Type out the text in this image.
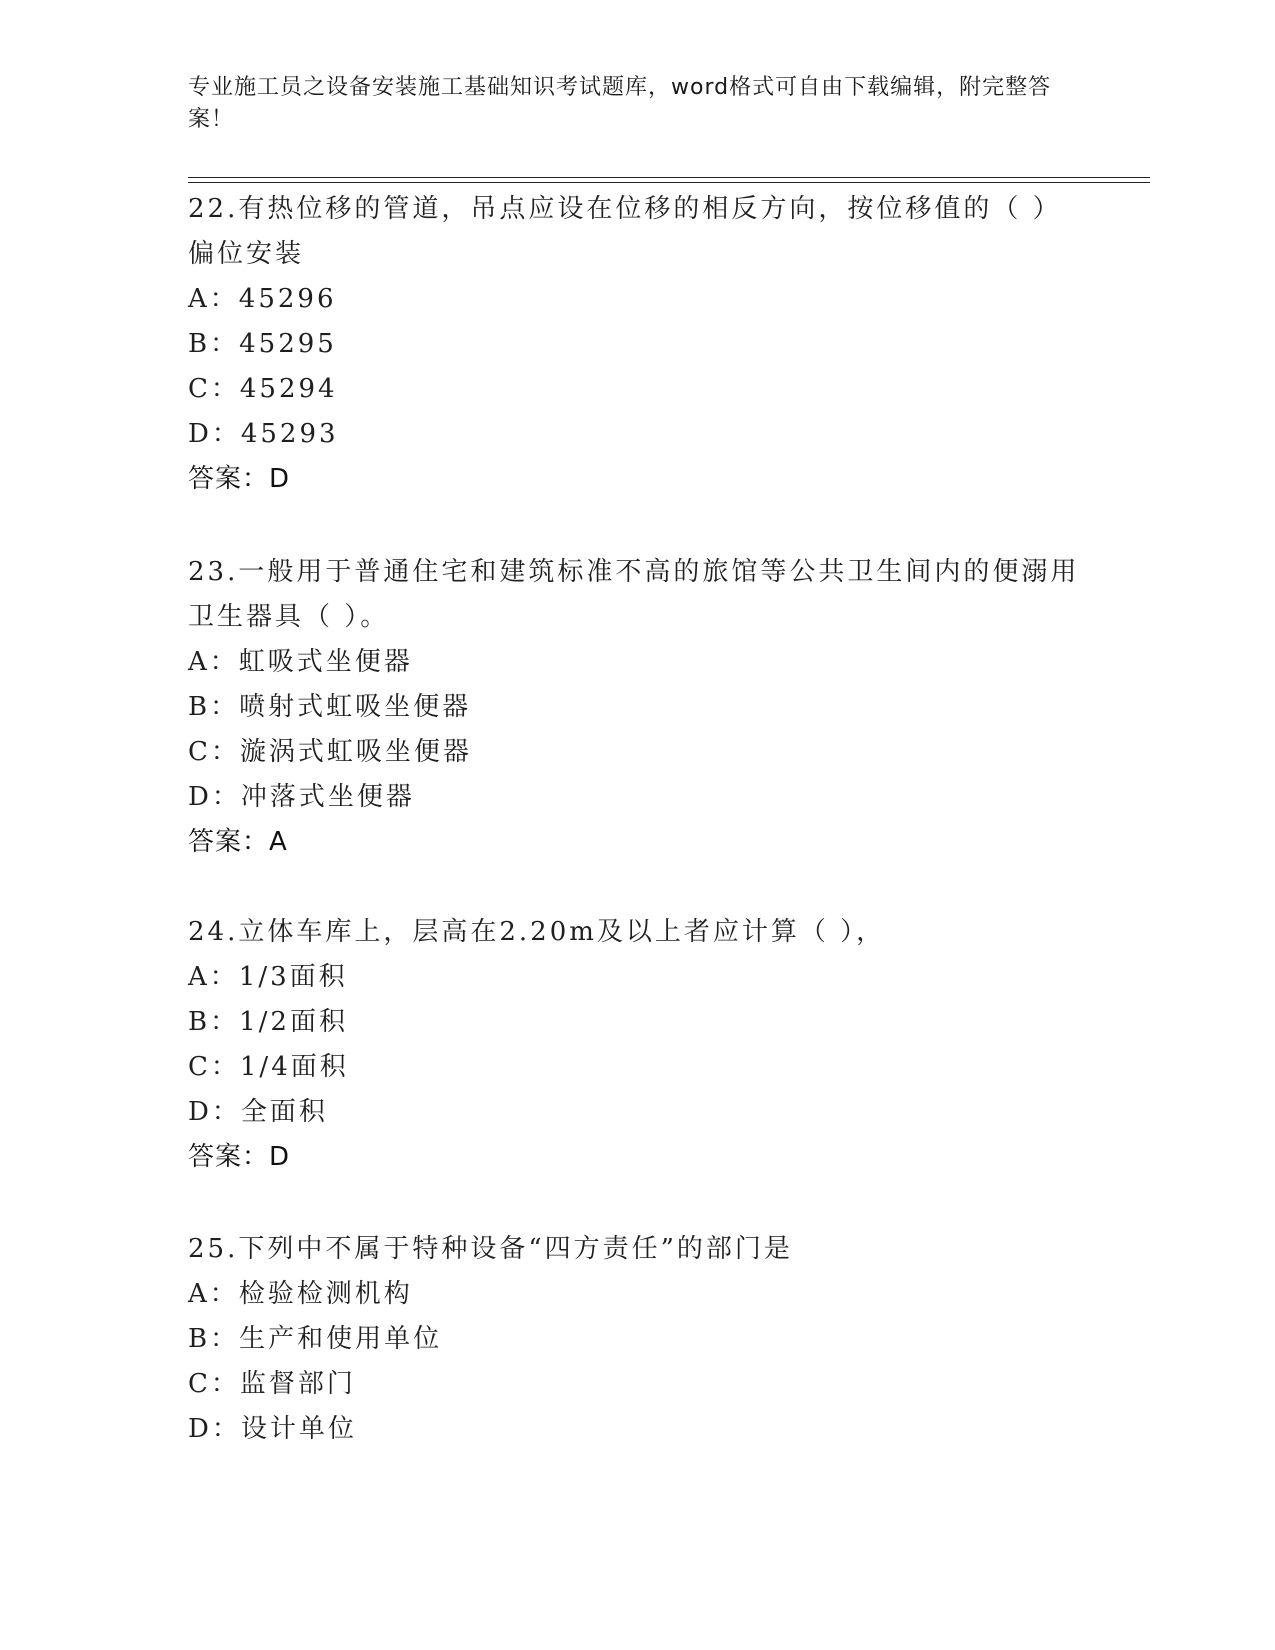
专业施工员之设备安装施工基础知识考试题库，word格式可自由下载编辑，附完整答案！

22.有热位移的管道，吊点应设在位移的相反方向，按位移值的（ ）偏位安装

A：45296

B：45295

C：45294

D：45293

答案：D

23.一般用于普通住宅和建筑标准不高的旅馆等公共卫生间内的便溺用卫生器具（ ）。

A：虹吸式坐便器

B：喷射式虹吸坐便器

C：漩涡式虹吸坐便器

D：冲落式坐便器

答案：A

24.立体车库上，层高在2.20m及以上者应计算（ ），

A：1/3面积

B：1/2面积

C：1/4面积

D：全面积

答案：D

25.下列中不属于特种设备“四方责任”的部门是

A：检验检测机构

B：生产和使用单位

C：监督部门

D：设计单位
